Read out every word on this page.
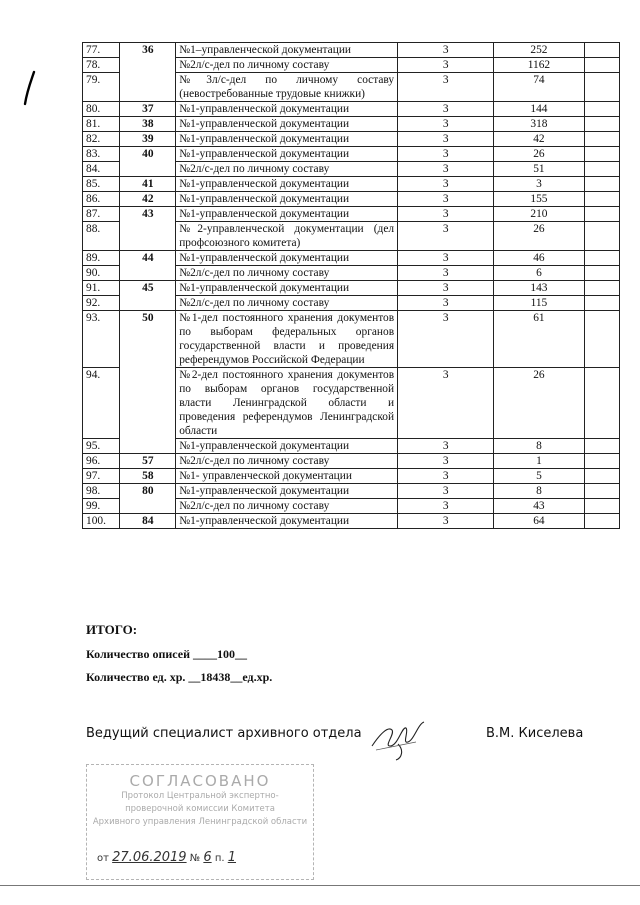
77.	36	№1–управленческой документации	3	252	
78.		№2л/с-дел по личному составу	3	1162	
79.		№3л/с-дел по личному составу (невостребованные трудовые книжки)	3	74	
80.	37	№1-управленческой документации	3	144	
81.	38	№1-управленческой документации	3	318	
82.	39	№1-управленческой документации	3	42	
83.	40	№1-управленческой документации	3	26	
84.		№2л/с-дел по личному составу	3	51	
85.	41	№1-управленческой документации	3	3	
86.	42	№1-управленческой документации	3	155	
87.	43	№1-управленческой документации	3	210	
88.		№2-управленческой документации (дел профсоюзного комитета)	3	26	
89.	44	№1-управленческой документации	3	46	
90.		№2л/с-дел по личному составу	3	6	
91.	45	№1-управленческой документации	3	143	
92.		№2л/с-дел по личному составу	3	115	
93.	50	№1-дел постоянного хранения документов по выборам федеральных органов государственной власти и проведения референдумов Российской Федерации	3	61	
94.		№2-дел постоянного хранения документов по выборам органов государственной власти Ленинградской области и проведения референдумов Ленинградской области	3	26	
95.		№1-управленческой документации	3	8	
96.	57	№2л/с-дел по личному составу	3	1	
97.	58	№1- управленческой документации	3	5	
98.	80	№1-управленческой документации	3	8	
99.		№2л/с-дел по личному составу	3	43	
100.	84	№1-управленческой документации	3	64	
ИТОГО:
Количество описей ____100__
Количество ед. хр. __18438__ед.хр.
Ведущий специалист архивного отдела	В.М. Киселева
СОГЛАСОВАНО
Протокол Центральной экспертно-
проверочной комиссии Комитета
Архивного управления Ленинградской области
от 27.06.2019 № 6 п. 1
